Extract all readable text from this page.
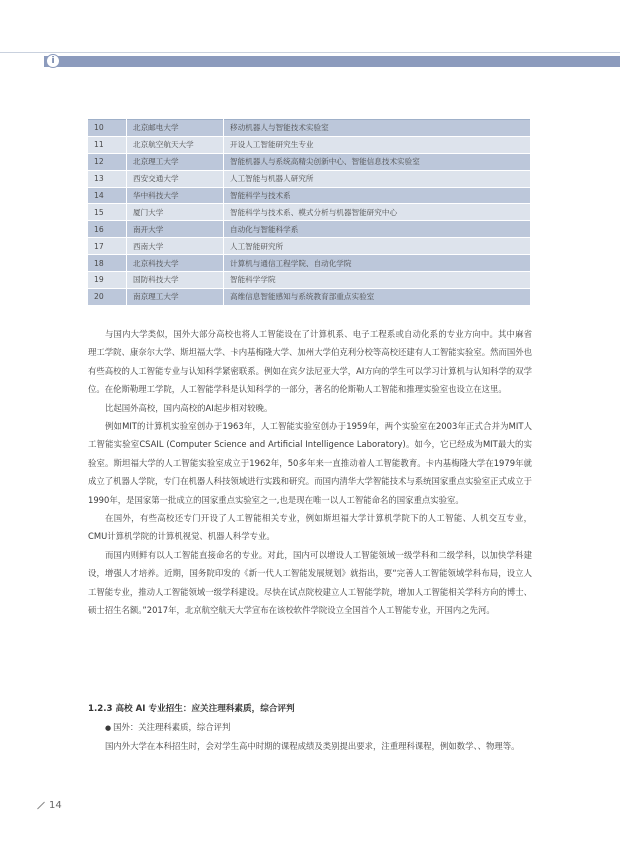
i
10	北京邮电大学	移动机器人与智能技术实验室
11	北京航空航天大学	开设人工智能研究生专业
12	北京理工大学	智能机器人与系统高精尖创新中心、智能信息技术实验室
13	西安交通大学	人工智能与机器人研究所
14	华中科技大学	智能科学与技术系
15	厦门大学	智能科学与技术系、模式分析与机器智能研究中心
16	南开大学	自动化与智能科学系
17	西南大学	人工智能研究所
18	北京科技大学	计算机与通信工程学院、自动化学院
19	国防科技大学	智能科学学院
20	南京理工大学	高维信息智能感知与系统教育部重点实验室

与国内大学类似，国外大部分高校也将人工智能设在了计算机系、电子工程系或自动化系的专业方向中。其中麻省理工学院、康奈尔大学、斯坦福大学、卡内基梅隆大学、加州大学伯克利分校等高校还建有人工智能实验室。然而国外也有些高校的人工智能专业与认知科学紧密联系。例如在宾夕法尼亚大学，AI方向的学生可以学习计算机与认知科学的双学位。在伦斯勒理工学院，人工智能学科是认知科学的一部分，著名的伦斯勒人工智能和推理实验室也设立在这里。

比起国外高校，国内高校的AI起步相对较晚。

例如MIT的计算机实验室创办于1963年，人工智能实验室创办于1959年，两个实验室在2003年正式合并为MIT人工智能实验室CSAIL (Computer Science and Artificial Intelligence Laboratory)。如今，它已经成为MIT最大的实验室。斯坦福大学的人工智能实验室成立于1962年，50多年来一直推动着人工智能教育。卡内基梅隆大学在1979年就成立了机器人学院，专门在机器人科技领域进行实践和研究。而国内清华大学智能技术与系统国家重点实验室正式成立于1990年，是国家第一批成立的国家重点实验室之一,也是现在唯一以人工智能命名的国家重点实验室。

在国外，有些高校还专门开设了人工智能相关专业，例如斯坦福大学计算机学院下的人工智能、人机交互专业，CMU计算机学院的计算机视觉、机器人科学专业。

而国内则鲜有以人工智能直接命名的专业。对此，国内可以增设人工智能领域一级学科和二级学科，以加快学科建设，增强人才培养。近期，国务院印发的《新一代人工智能发展规划》就指出，要“完善人工智能领域学科布局，设立人工智能专业，推动人工智能领域一级学科建设。尽快在试点院校建立人工智能学院，增加人工智能相关学科方向的博士、硕士招生名额。”2017年，北京航空航天大学宣布在该校软件学院设立全国首个人工智能专业，开国内之先河。

1.2.3 高校 AI 专业招生：应关注理科素质，综合评判

● 国外：关注理科素质，综合评判

国内外大学在本科招生时，会对学生高中时期的课程成绩及类别提出要求，注重理科课程，例如数学、、物理等。

14
